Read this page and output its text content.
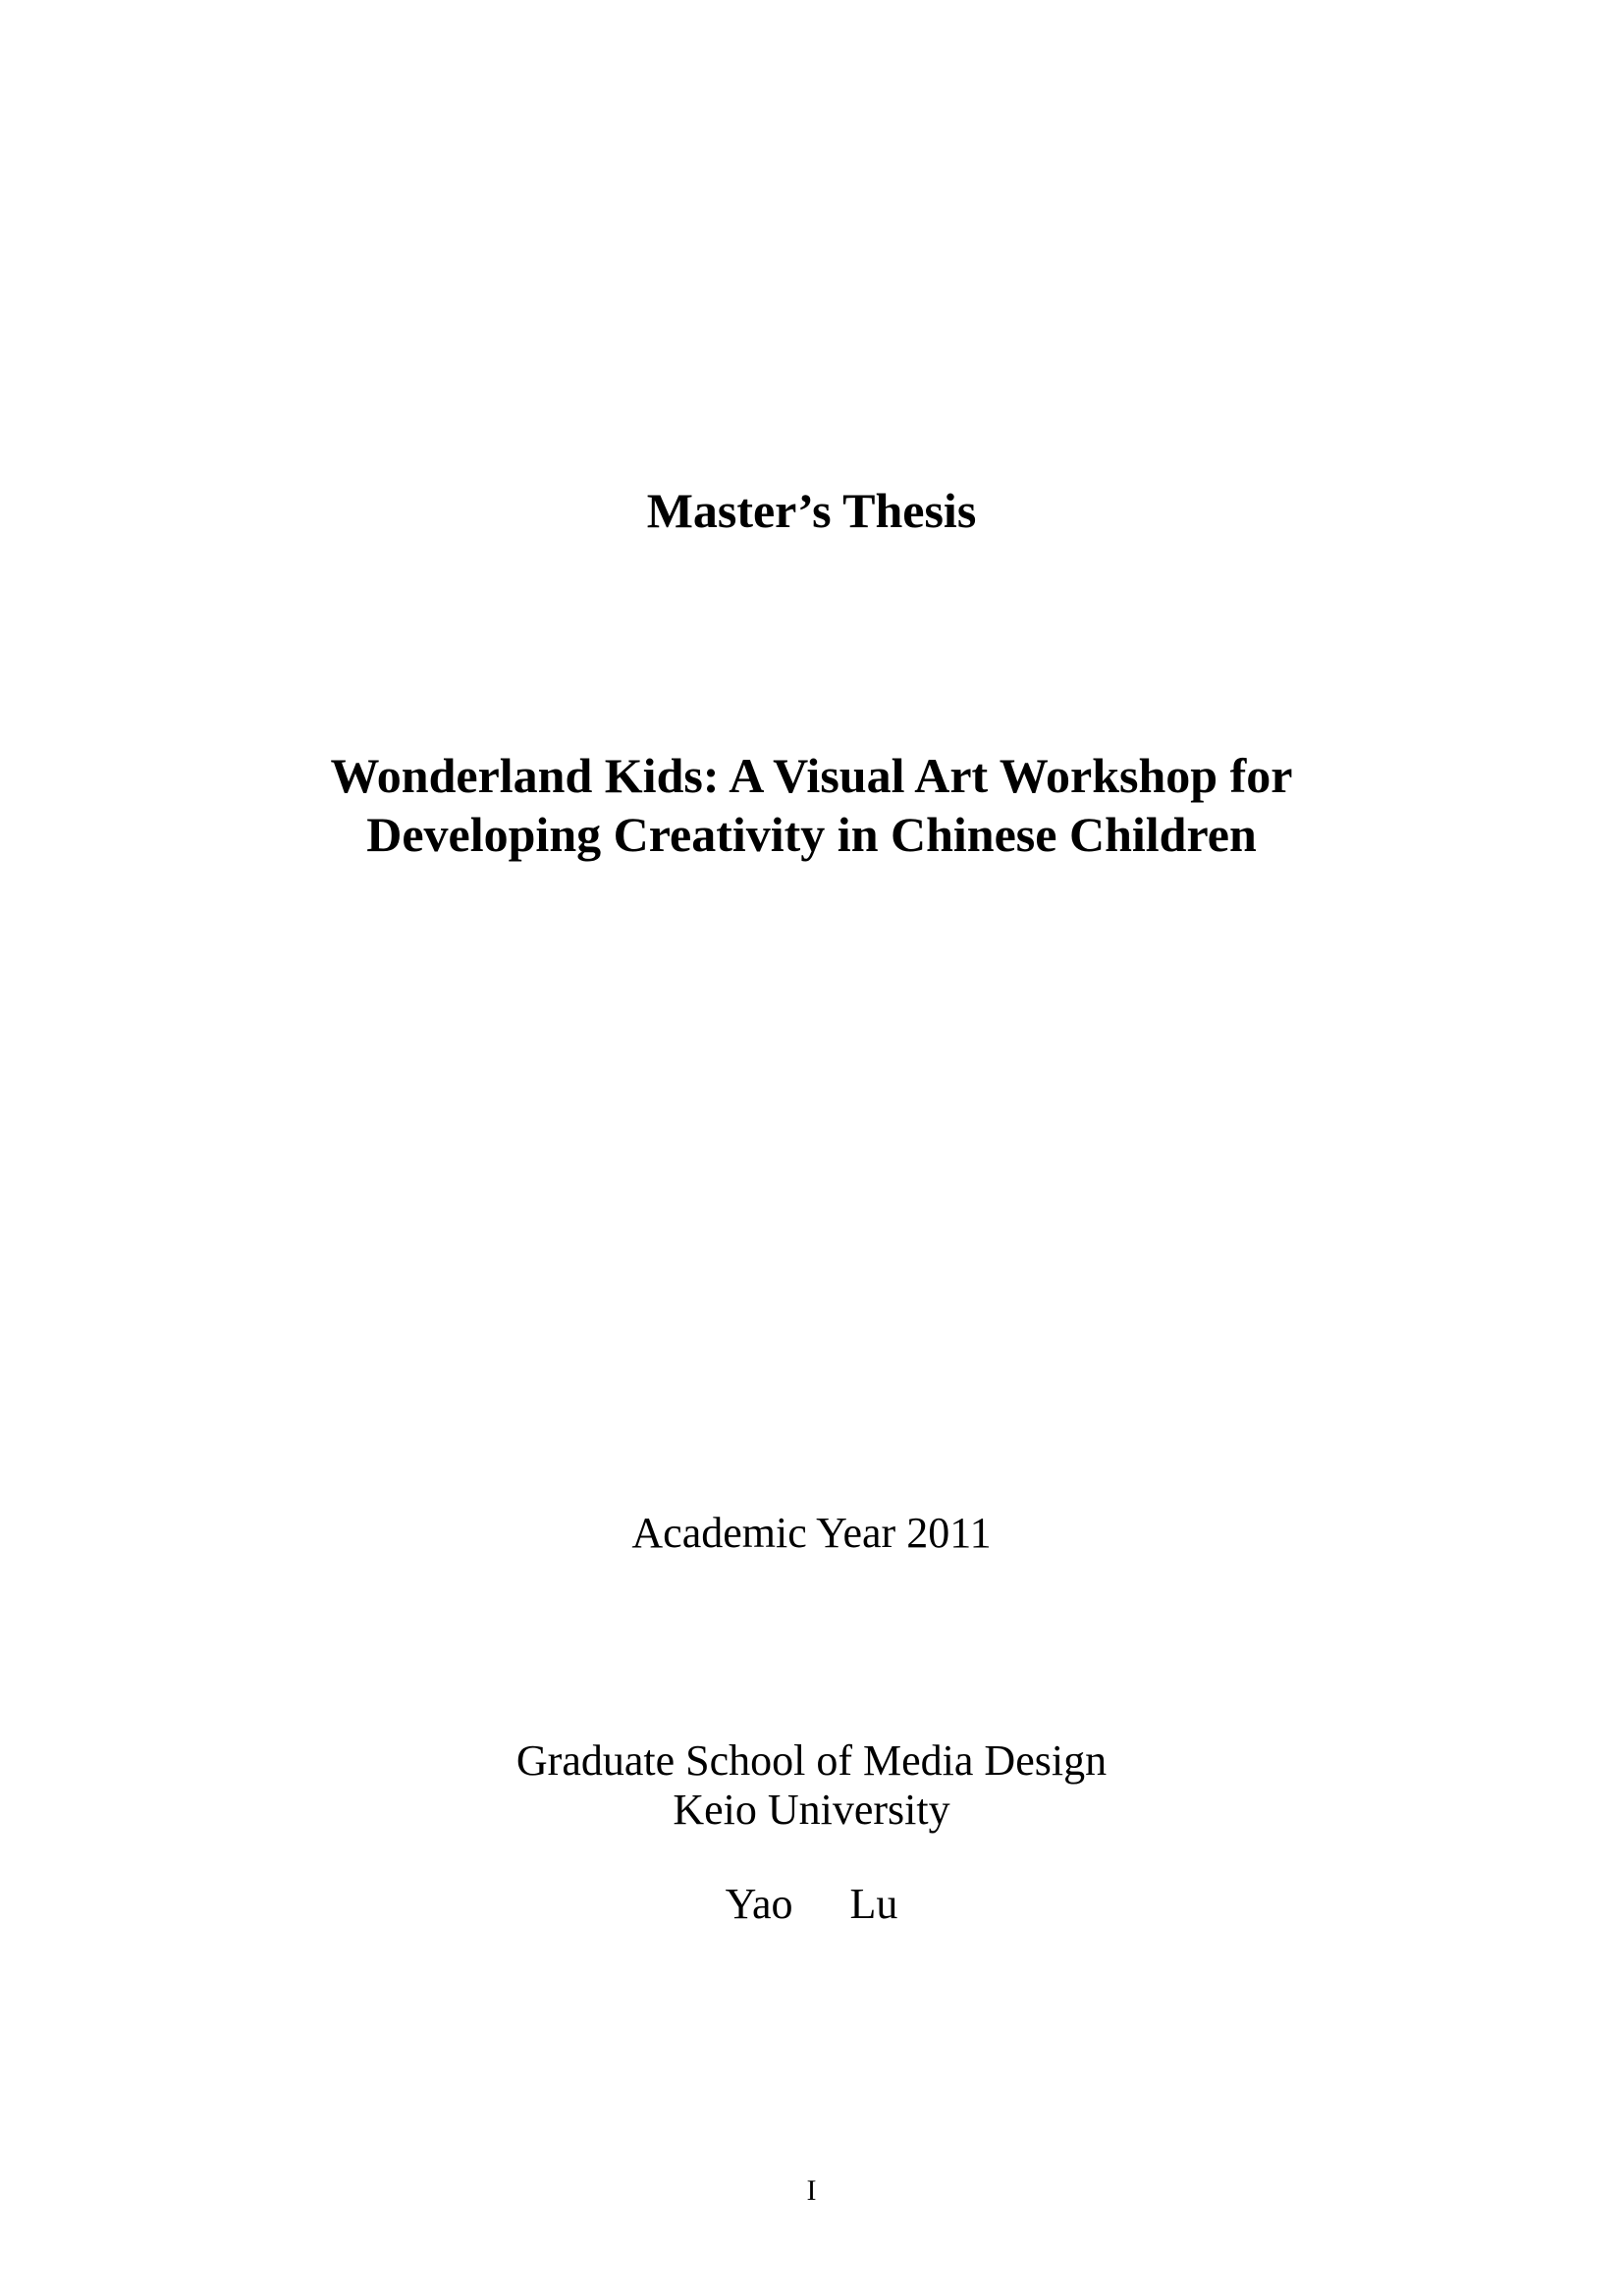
Master’s Thesis
Wonderland Kids: A Visual Art Workshop for
Developing Creativity in Chinese Children
Academic Year 2011
Graduate School of Media Design
Keio University
Yao Lu
I
